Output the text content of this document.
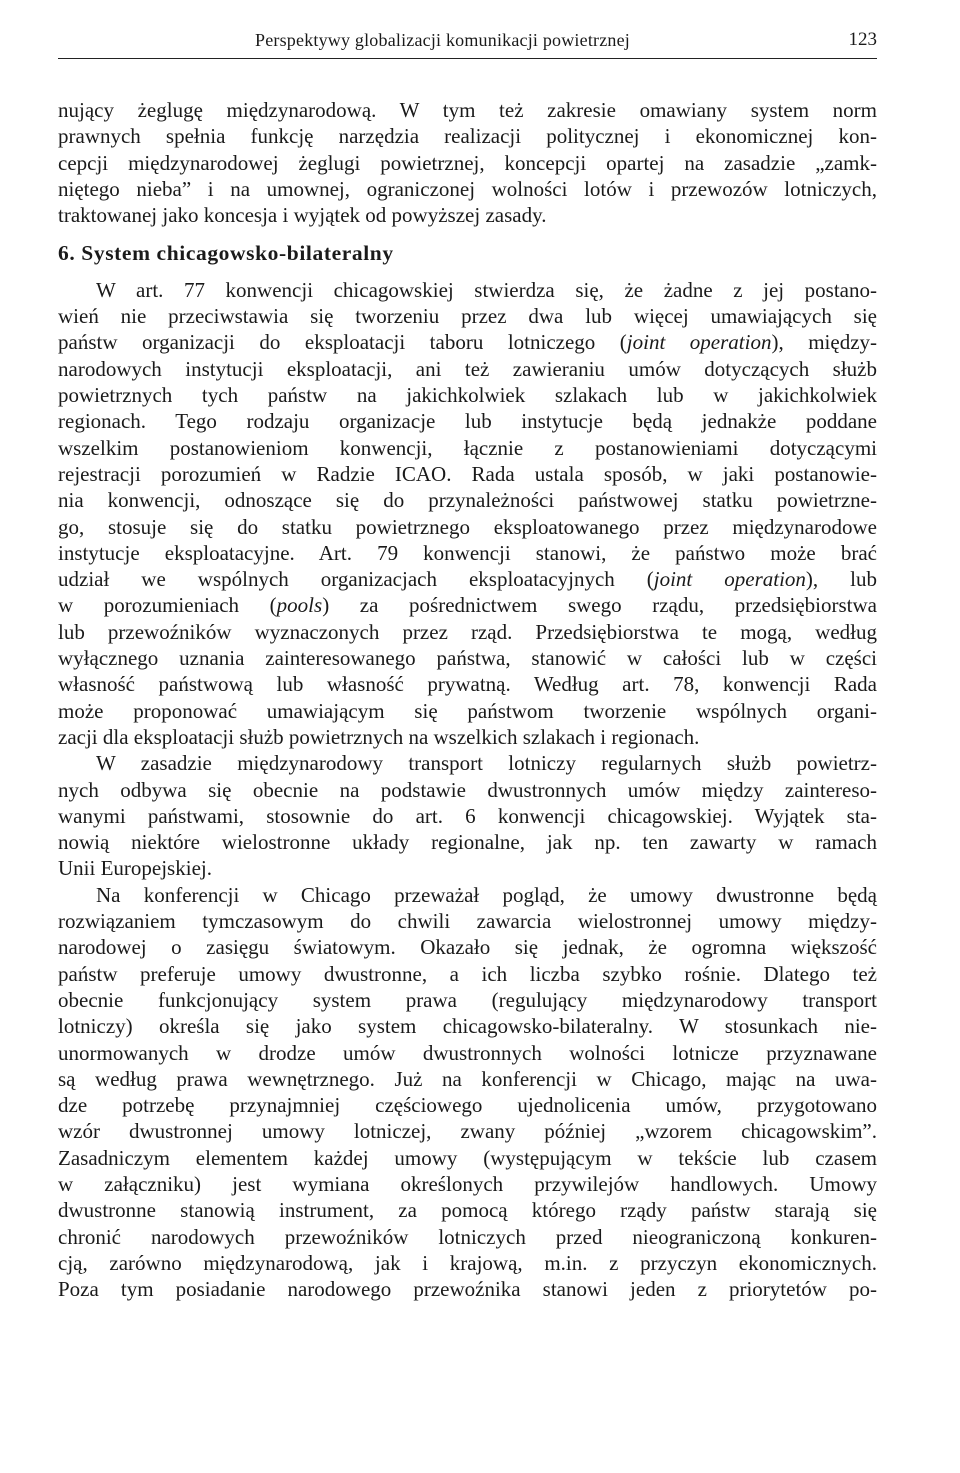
Perspektywy globalizacji komunikacji powietrznej	123
nujący żeglugę międzynarodową. W tym też zakresie omawiany system norm
prawnych spełnia funkcję narzędzia realizacji politycznej i ekonomicznej kon-
cepcji międzynarodowej żeglugi powietrznej, koncepcji opartej na zasadzie „zamk-
niętego nieba” i na umownej, ograniczonej wolności lotów i przewozów lotniczych,
traktowanej jako koncesja i wyjątek od powyższej zasady.
6. System chicagowsko-bilateralny
W art. 77 konwencji chicagowskiej stwierdza się, że żadne z jej postano-
wień nie przeciwstawia się tworzeniu przez dwa lub więcej umawiających się
państw organizacji do eksploatacji taboru lotniczego (joint operation), między-
narodowych instytucji eksploatacji, ani też zawieraniu umów dotyczących służb
powietrznych tych państw na jakichkolwiek szlakach lub w jakichkolwiek
regionach. Tego rodzaju organizacje lub instytucje będą jednakże poddane
wszelkim postanowieniom konwencji, łącznie z postanowieniami dotyczącymi
rejestracji porozumień w Radzie ICAO. Rada ustala sposób, w jaki postanowie-
nia konwencji, odnoszące się do przynależności państwowej statku powietrzne-
go, stosuje się do statku powietrznego eksploatowanego przez międzynarodowe
instytucje eksploatacyjne. Art. 79 konwencji stanowi, że państwo może brać
udział we wspólnych organizacjach eksploatacyjnych (joint operation), lub
w porozumieniach (pools) za pośrednictwem swego rządu, przedsiębiorstwa
lub przewoźników wyznaczonych przez rząd. Przedsiębiorstwa te mogą, według
wyłącznego uznania zainteresowanego państwa, stanowić w całości lub w części
własność państwową lub własność prywatną. Według art. 78, konwencji Rada
może proponować umawiającym się państwom tworzenie wspólnych organi-
zacji dla eksploatacji służb powietrznych na wszelkich szlakach i regionach.
W zasadzie międzynarodowy transport lotniczy regularnych służb powietrz-
nych odbywa się obecnie na podstawie dwustronnych umów między zaintereso-
wanymi państwami, stosownie do art. 6 konwencji chicagowskiej. Wyjątek sta-
nowią niektóre wielostronne układy regionalne, jak np. ten zawarty w ramach
Unii Europejskiej.
Na konferencji w Chicago przeważał pogląd, że umowy dwustronne będą
rozwiązaniem tymczasowym do chwili zawarcia wielostronnej umowy między-
narodowej o zasięgu światowym. Okazało się jednak, że ogromna większość
państw preferuje umowy dwustronne, a ich liczba szybko rośnie. Dlatego też
obecnie funkcjonujący system prawa (regulujący międzynarodowy transport
lotniczy) określa się jako system chicagowsko-bilateralny. W stosunkach nie-
unormowanych w drodze umów dwustronnych wolności lotnicze przyznawane
są według prawa wewnętrznego. Już na konferencji w Chicago, mając na uwa-
dze potrzebę przynajmniej częściowego ujednolicenia umów, przygotowano
wzór dwustronnej umowy lotniczej, zwany później „wzorem chicagowskim”.
Zasadniczym elementem każdej umowy (występującym w tekście lub czasem
w załączniku) jest wymiana określonych przywilejów handlowych. Umowy
dwustronne stanowią instrument, za pomocą którego rządy państw starają się
chronić narodowych przewoźników lotniczych przed nieograniczoną konkuren-
cją, zarówno międzynarodową, jak i krajową, m.in. z przyczyn ekonomicznych.
Poza tym posiadanie narodowego przewoźnika stanowi jeden z priorytetów po-
